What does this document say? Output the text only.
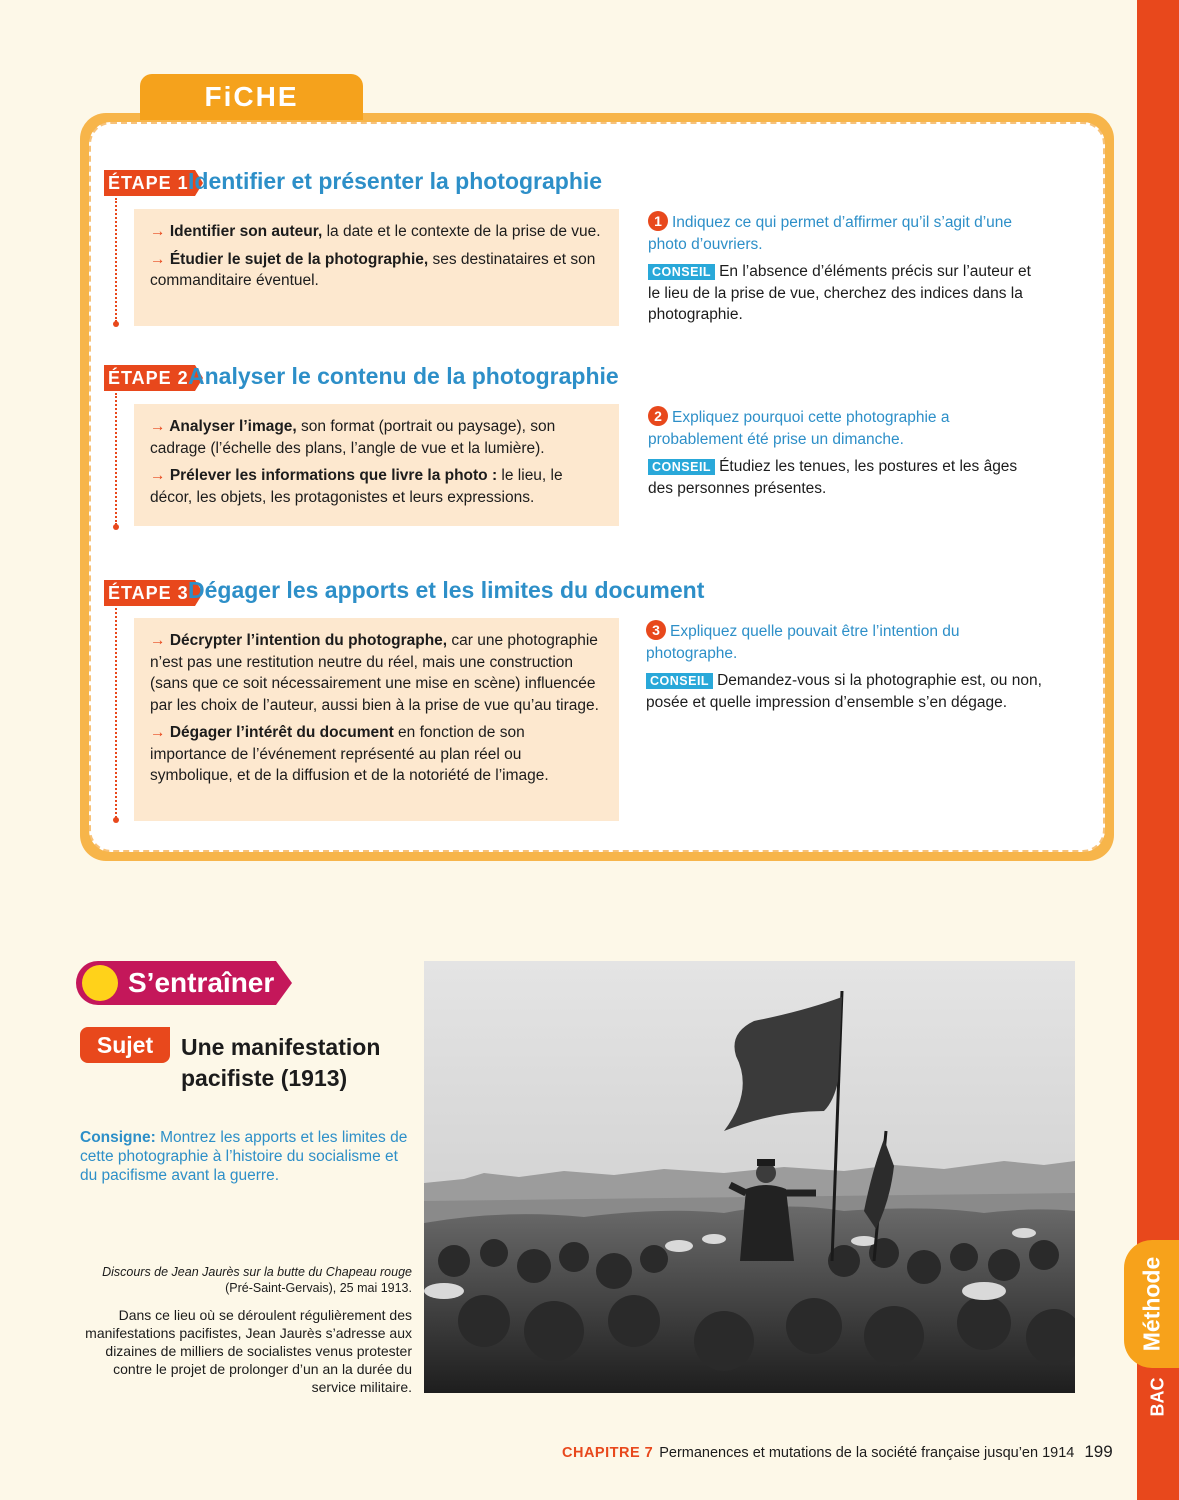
Méthode
BAC
FiCHE MÉTHODE
ÉTAPE 1 Identifier et présenter la photographie

→ Identifier son auteur, la date et le contexte de la prise de vue.

→ Étudier le sujet de la photographie, ses destinataires et son commanditaire éventuel.

1 Indiquez ce qui permet d’affirmer qu’il s’agit d’une photo d’ouvriers.
CONSEIL En l’absence d’éléments précis sur l’auteur et le lieu de la prise de vue, cherchez des indices dans la photographie.
ÉTAPE 2 Analyser le contenu de la photographie

→ Analyser l’image, son format (portrait ou paysage), son cadrage (l’échelle des plans, l’angle de vue et la lumière).

→ Prélever les informations que livre la photo : le lieu, le décor, les objets, les protagonistes et leurs expressions.

2 Expliquez pourquoi cette photographie a probablement été prise un dimanche.
CONSEIL Étudiez les tenues, les postures et les âges des personnes présentes.
ÉTAPE 3 Dégager les apports et les limites du document

→ Décrypter l’intention du photographe, car une photographie n’est pas une restitution neutre du réel, mais une construction (sans que ce soit nécessairement une mise en scène) influencée par les choix de l’auteur, aussi bien à la prise de vue qu’au tirage.

→ Dégager l’intérêt du document en fonction de son importance de l’événement représenté au plan réel ou symbolique, et de la diffusion et de la notoriété de l’image.

3 Expliquez quelle pouvait être l’intention du photographe.
CONSEIL Demandez-vous si la photographie est, ou non, posée et quelle impression d’ensemble s’en dégage.
S’entraîner
Sujet	Une manifestation pacifiste (1913)
Consigne: Montrez les apports et les limites de cette photographie à l’histoire du socialisme et du pacifisme avant la guerre.
Discours de Jean Jaurès sur la butte du Chapeau rouge
(Pré-Saint-Gervais), 25 mai 1913.
Dans ce lieu où se déroulent régulièrement des manifestations pacifistes, Jean Jaurès s’adresse aux dizaines de milliers de socialistes venus protester contre le projet de prolonger d’un an la durée du service militaire.
CHAPITRE 7 Permanences et mutations de la société française jusqu’en 1914 199
